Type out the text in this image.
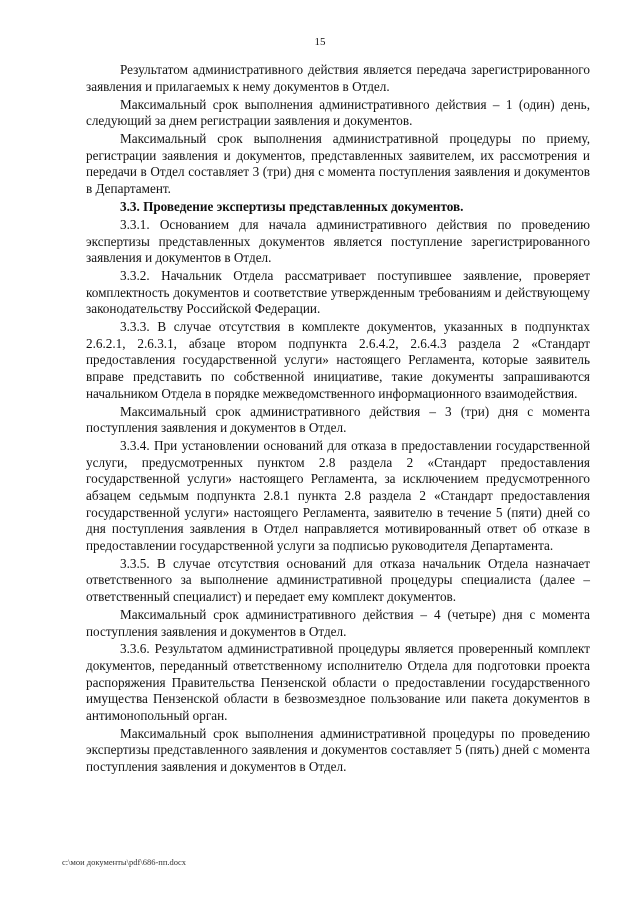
15

Результатом административного действия является передача зарегистрированного заявления и прилагаемых к нему документов в Отдел.

Максимальный срок выполнения административного действия – 1 (один) день, следующий за днем регистрации заявления и документов.

Максимальный срок выполнения административной процедуры по приему, регистрации заявления и документов, представленных заявителем, их рассмотрения и передачи в Отдел составляет 3 (три) дня с момента поступления заявления и документов в Департамент.

3.3. Проведение экспертизы представленных документов.

3.3.1. Основанием для начала административного действия по проведению экспертизы представленных документов является поступление зарегистрированного заявления и документов в Отдел.

3.3.2. Начальник Отдела рассматривает поступившее заявление, проверяет комплектность документов и соответствие утвержденным требованиям и действующему законодательству Российской Федерации.

3.3.3. В случае отсутствия в комплекте документов, указанных в подпунктах 2.6.2.1, 2.6.3.1, абзаце втором подпункта 2.6.4.2, 2.6.4.3 раздела 2 «Стандарт предоставления государственной услуги» настоящего Регламента, которые заявитель вправе представить по собственной инициативе, такие документы запрашиваются начальником Отдела в порядке межведомственного информационного взаимодействия.

Максимальный срок административного действия – 3 (три) дня с момента поступления заявления и документов в Отдел.

3.3.4. При установлении оснований для отказа в предоставлении государственной услуги, предусмотренных пунктом 2.8 раздела 2 «Стандарт предоставления государственной услуги» настоящего Регламента, за исключением предусмотренного абзацем седьмым подпункта 2.8.1 пункта 2.8 раздела 2 «Стандарт предоставления государственной услуги» настоящего Регламента, заявителю в течение 5 (пяти) дней со дня поступления заявления в Отдел направляется мотивированный ответ об отказе в предоставлении государственной услуги за подписью руководителя Департамента.

3.3.5. В случае отсутствия оснований для отказа начальник Отдела назначает ответственного за выполнение административной процедуры специалиста (далее – ответственный специалист) и передает ему комплект документов.

Максимальный срок административного действия – 4 (четыре) дня с момента поступления заявления и документов в Отдел.

3.3.6. Результатом административной процедуры является проверенный комплект документов, переданный ответственному исполнителю Отдела для подготовки проекта распоряжения Правительства Пензенской области о предоставлении государственного имущества Пензенской области в безвозмездное пользование или пакета документов в антимонопольный орган.

Максимальный срок выполнения административной процедуры по проведению экспертизы представленного заявления и документов составляет 5 (пять) дней с момента поступления заявления и документов в Отдел.

c:\мои документы\pdf\686-пп.docx
